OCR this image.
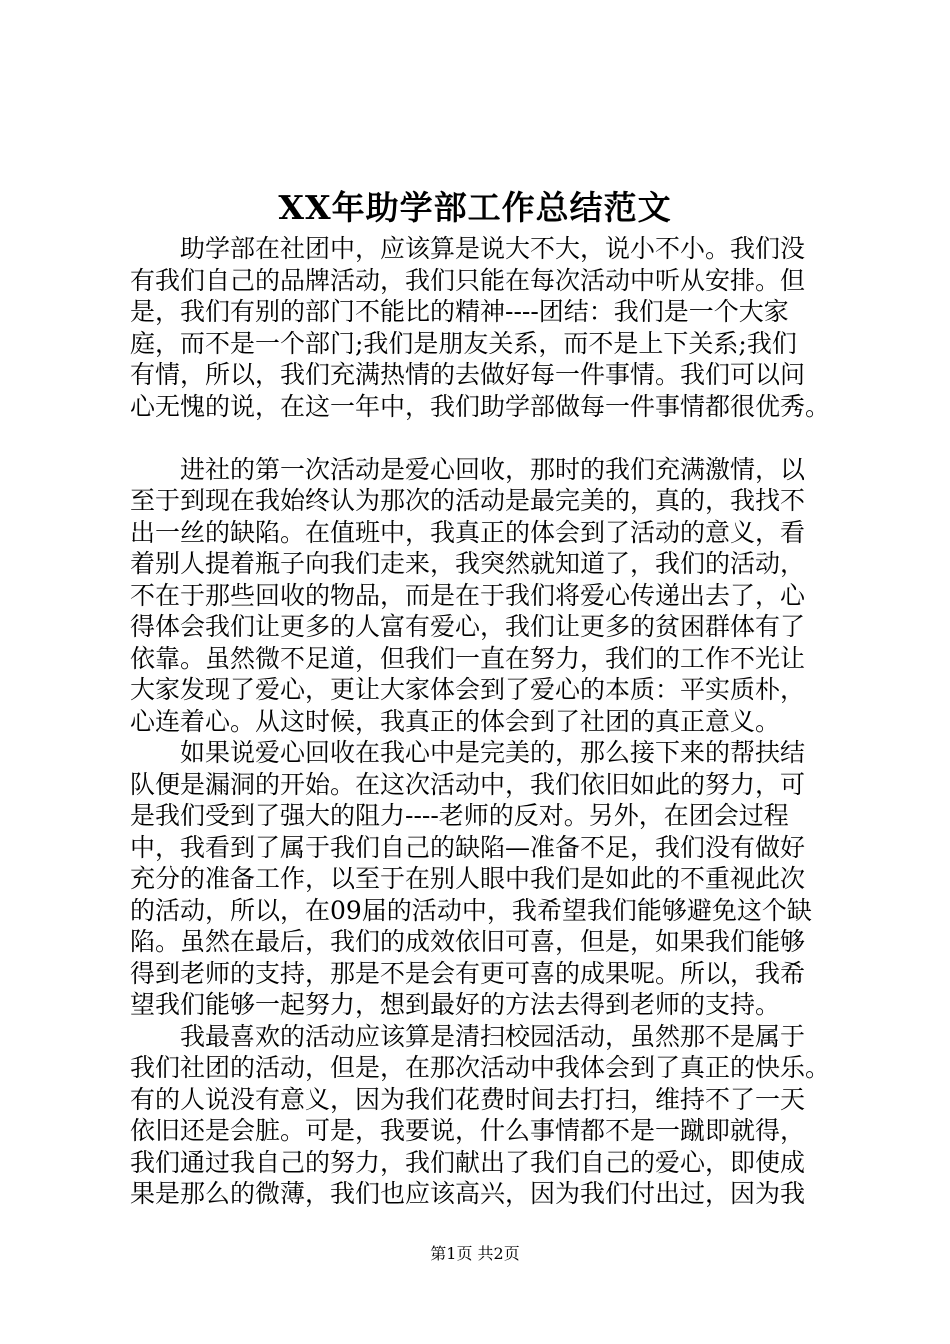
XX年助学部工作总结范文
助学部在社团中，应该算是说大不大，说小不小。我们没
有我们自己的品牌活动，我们只能在每次活动中听从安排。但
是，我们有别的部门不能比的精神----团结：我们是一个大家
庭，而不是一个部门;我们是朋友关系，而不是上下关系;我们
有情，所以，我们充满热情的去做好每一件事情。我们可以问
心无愧的说，在这一年中，我们助学部做每一件事情都很优秀。
进社的第一次活动是爱心回收，那时的我们充满激情，以
至于到现在我始终认为那次的活动是最完美的，真的，我找不
出一丝的缺陷。在值班中，我真正的体会到了活动的意义，看
着别人提着瓶子向我们走来，我突然就知道了，我们的活动，
不在于那些回收的物品，而是在于我们将爱心传递出去了，心
得体会我们让更多的人富有爱心，我们让更多的贫困群体有了
依靠。虽然微不足道，但我们一直在努力，我们的工作不光让
大家发现了爱心，更让大家体会到了爱心的本质：平实质朴，
心连着心。从这时候，我真正的体会到了社团的真正意义。
如果说爱心回收在我心中是完美的，那么接下来的帮扶结
队便是漏洞的开始。在这次活动中，我们依旧如此的努力，可
是我们受到了强大的阻力----老师的反对。另外，在团会过程
中，我看到了属于我们自己的缺陷—准备不足，我们没有做好
充分的准备工作，以至于在别人眼中我们是如此的不重视此次
的活动，所以，在09届的活动中，我希望我们能够避免这个缺
陷。虽然在最后，我们的成效依旧可喜，但是，如果我们能够
得到老师的支持，那是不是会有更可喜的成果呢。所以，我希
望我们能够一起努力，想到最好的方法去得到老师的支持。
我最喜欢的活动应该算是清扫校园活动，虽然那不是属于
我们社团的活动，但是，在那次活动中我体会到了真正的快乐。
有的人说没有意义，因为我们花费时间去打扫，维持不了一天
依旧还是会脏。可是，我要说，什么事情都不是一蹴即就得，
我们通过我自己的努力，我们献出了我们自己的爱心，即使成
果是那么的微薄，我们也应该高兴，因为我们付出过，因为我
第1页 共2页
